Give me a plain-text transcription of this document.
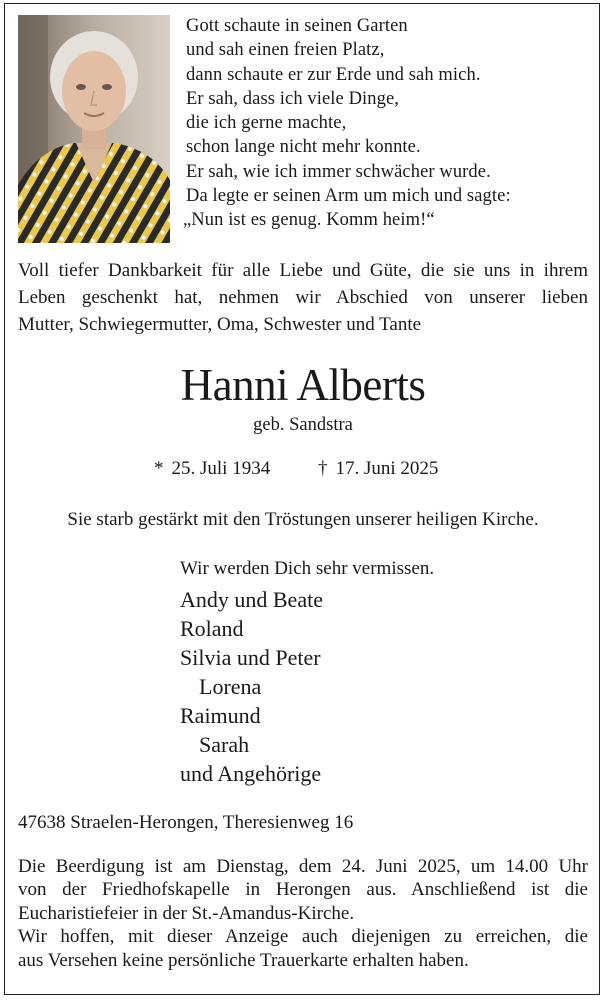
Gott schaute in seinen Garten
und sah einen freien Platz,
dann schaute er zur Erde und sah mich.
Er sah, dass ich viele Dinge,
die ich gerne machte,
schon lange nicht mehr konnte.
Er sah, wie ich immer schwächer wurde.
Da legte er seinen Arm um mich und sagte:
„Nun ist es genug. Komm heim!“
Voll tiefer Dankbarkeit für alle Liebe und Güte, die sie uns in ihrem
Leben geschenkt hat, nehmen wir Abschied von unserer lieben
Mutter, Schwiegermutter, Oma, Schwester und Tante
Hanni Alberts
geb. Sandstra
* 25. Juli 1934	† 17. Juni 2025
Sie starb gestärkt mit den Tröstungen unserer heiligen Kirche.
Wir werden Dich sehr vermissen.
Andy und Beate
Roland
Silvia und Peter
Lorena
Raimund
Sarah
und Angehörige
47638 Straelen-Herongen, Theresienweg 16
Die Beerdigung ist am Dienstag, dem 24. Juni 2025, um 14.00 Uhr
von der Friedhofskapelle in Herongen aus. Anschließend ist die
Eucharistiefeier in der St.-Amandus-Kirche.
Wir hoffen, mit dieser Anzeige auch diejenigen zu erreichen, die
aus Versehen keine persönliche Trauerkarte erhalten haben.
